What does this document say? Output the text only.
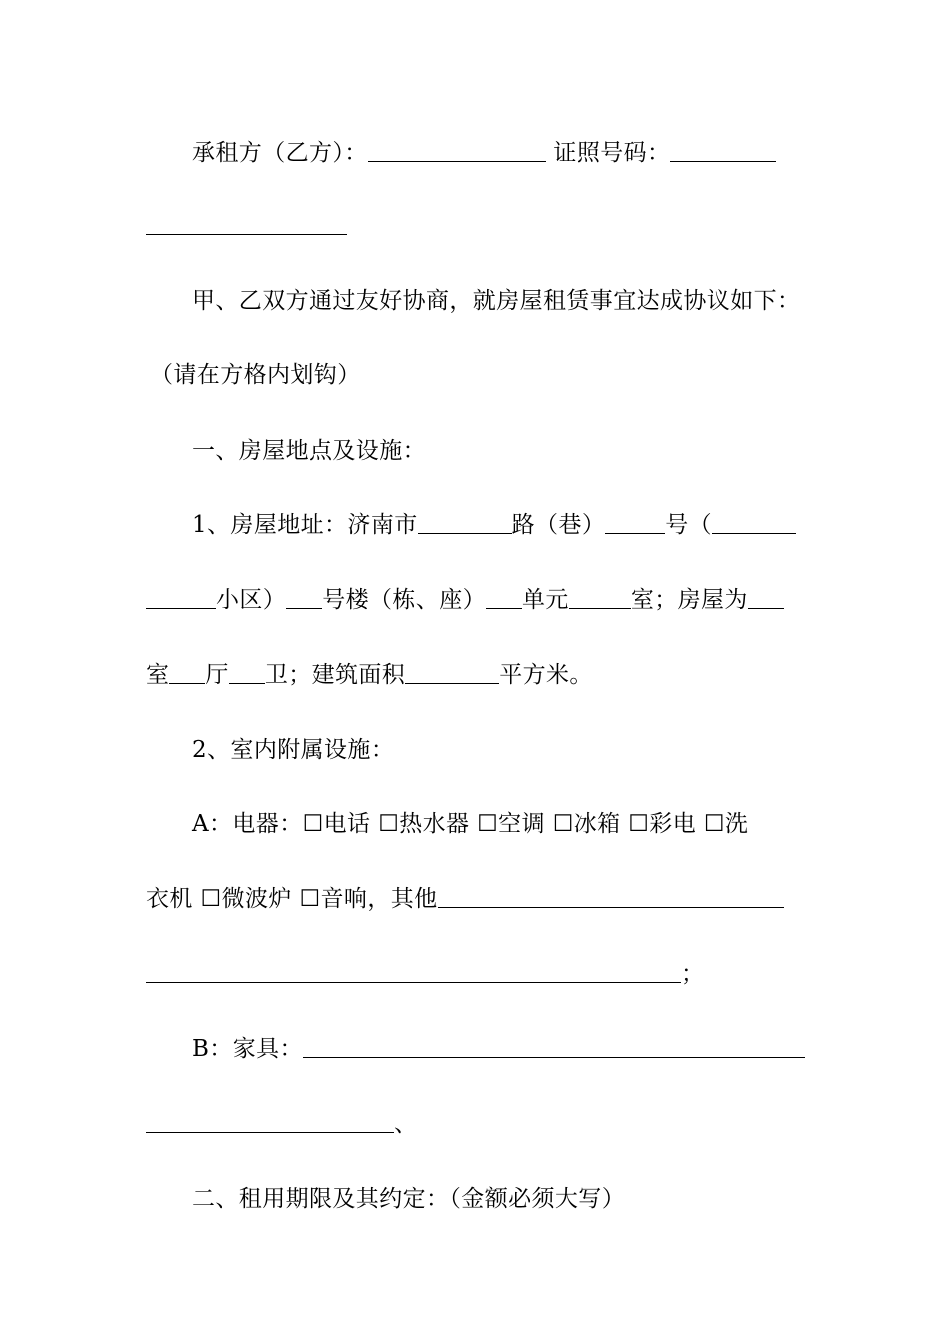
承租方（乙方）：	证照号码：
甲、乙双方通过友好协商，就房屋租赁事宜达成协议如下：
（请在方格内划钩）
一、房屋地点及设施：
1、房屋地址：济南市	路（巷）	号（
小区） 号楼（栋、座） 单元	室；房屋为
室 厅 卫；建筑面积	平方米。
2、室内附属设施：
A：电器：☐电话 ☐热水器 ☐空调 ☐冰箱 ☐彩电 ☐洗
衣机 ☐微波炉 ☐音响，其他
；
B：家具：
、
二、租用期限及其约定：（金额必须大写）
